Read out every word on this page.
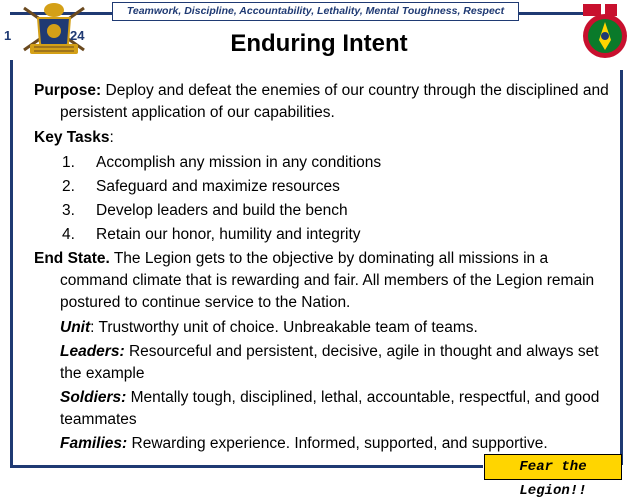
1	24
Teamwork, Discipline, Accountability, Lethality, Mental Toughness, Respect
Enduring Intent

Purpose: Deploy and defeat the enemies of our country through the disciplined and persistent application of our capabilities.

Key Tasks:

1.	Accomplish any mission in any conditions
2.	Safeguard and maximize resources
3.	Develop leaders and build the bench
4.	Retain our honor, humility and integrity

End State. The Legion gets to the objective by dominating all missions in a command climate that is rewarding and fair. All members of the Legion remain postured to continue service to the Nation.

Unit: Trustworthy unit of choice. Unbreakable team of teams.

Leaders: Resourceful and persistent, decisive, agile in thought and always set the example

Soldiers: Mentally tough, disciplined, lethal, accountable, respectful, and good teammates

Families: Rewarding experience. Informed, supported, and supportive.

Fear the Legion!!
